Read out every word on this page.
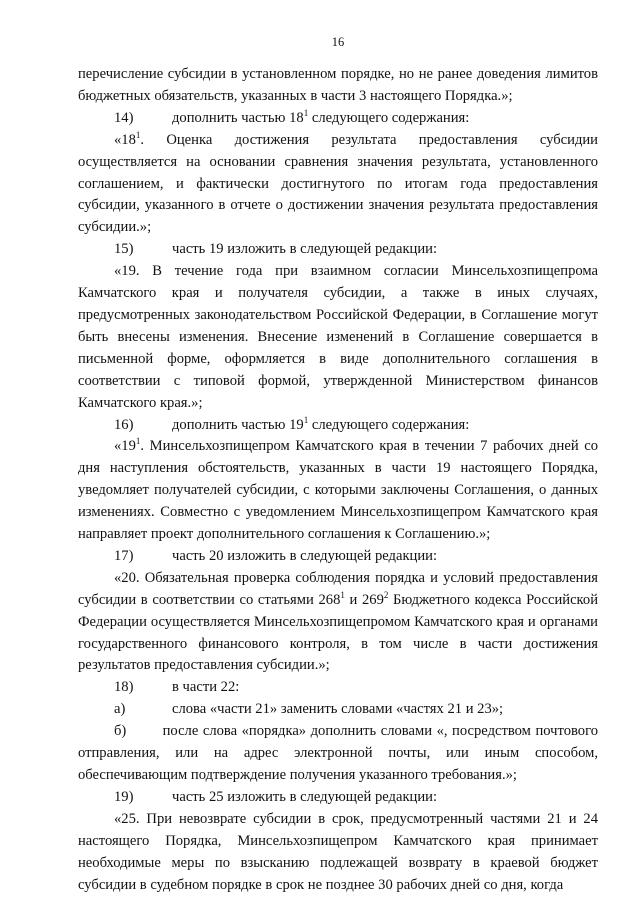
16

перечисление субсидии в установленном порядке, но не ранее доведения лимитов бюджетных обязательств, указанных в части 3 настоящего Порядка.»;

14)	дополнить частью $18^1$ следующего содержания:

«$18^1$. Оценка достижения результата предоставления субсидии осуществляется на основании сравнения значения результата, установленного соглашением, и фактически достигнутого по итогам года предоставления субсидии, указанного в отчете о достижении значения результата предоставления субсидии.»;

15)	часть 19 изложить в следующей редакции:

«19. В течение года при взаимном согласии Минсельхозпищепрома Камчатского края и получателя субсидии, а также в иных случаях, предусмотренных законодательством Российской Федерации, в Соглашение могут быть внесены изменения. Внесение изменений в Соглашение совершается в письменной форме, оформляется в виде дополнительного соглашения в соответствии с типовой формой, утвержденной Министерством финансов Камчатского края.»;

16)	дополнить частью $19^1$ следующего содержания:

«$19^1$. Минсельхозпищепром Камчатского края в течении 7 рабочих дней со дня наступления обстоятельств, указанных в части 19 настоящего Порядка, уведомляет получателей субсидии, с которыми заключены Соглашения, о данных изменениях. Совместно с уведомлением Минсельхозпищепром Камчатского края направляет проект дополнительного соглашения к Соглашению.»;

17)	часть 20 изложить в следующей редакции:

«20. Обязательная проверка соблюдения порядка и условий предоставления субсидии в соответствии со статьями $268^1$ и $269^2$ Бюджетного кодекса Российской Федерации осуществляется Минсельхозпищепромом Камчатского края и органами государственного финансового контроля, в том числе в части достижения результатов предоставления субсидии.»;

18)	в части 22:

а)	слова «части 21» заменить словами «частях 21 и 23»;

б)        после слова «порядка» дополнить словами «, посредством почтового отправления, или на адрес электронной почты, или иным способом, обеспечивающим подтверждение получения указанного требования.»;

19)	часть 25 изложить в следующей редакции:

«25. При невозврате субсидии в срок, предусмотренный частями 21 и 24 настоящего Порядка, Минсельхозпищепром Камчатского края принимает необходимые меры по взысканию подлежащей возврату в краевой бюджет субсидии в судебном порядке в срок не позднее 30 рабочих дней со дня, когда
